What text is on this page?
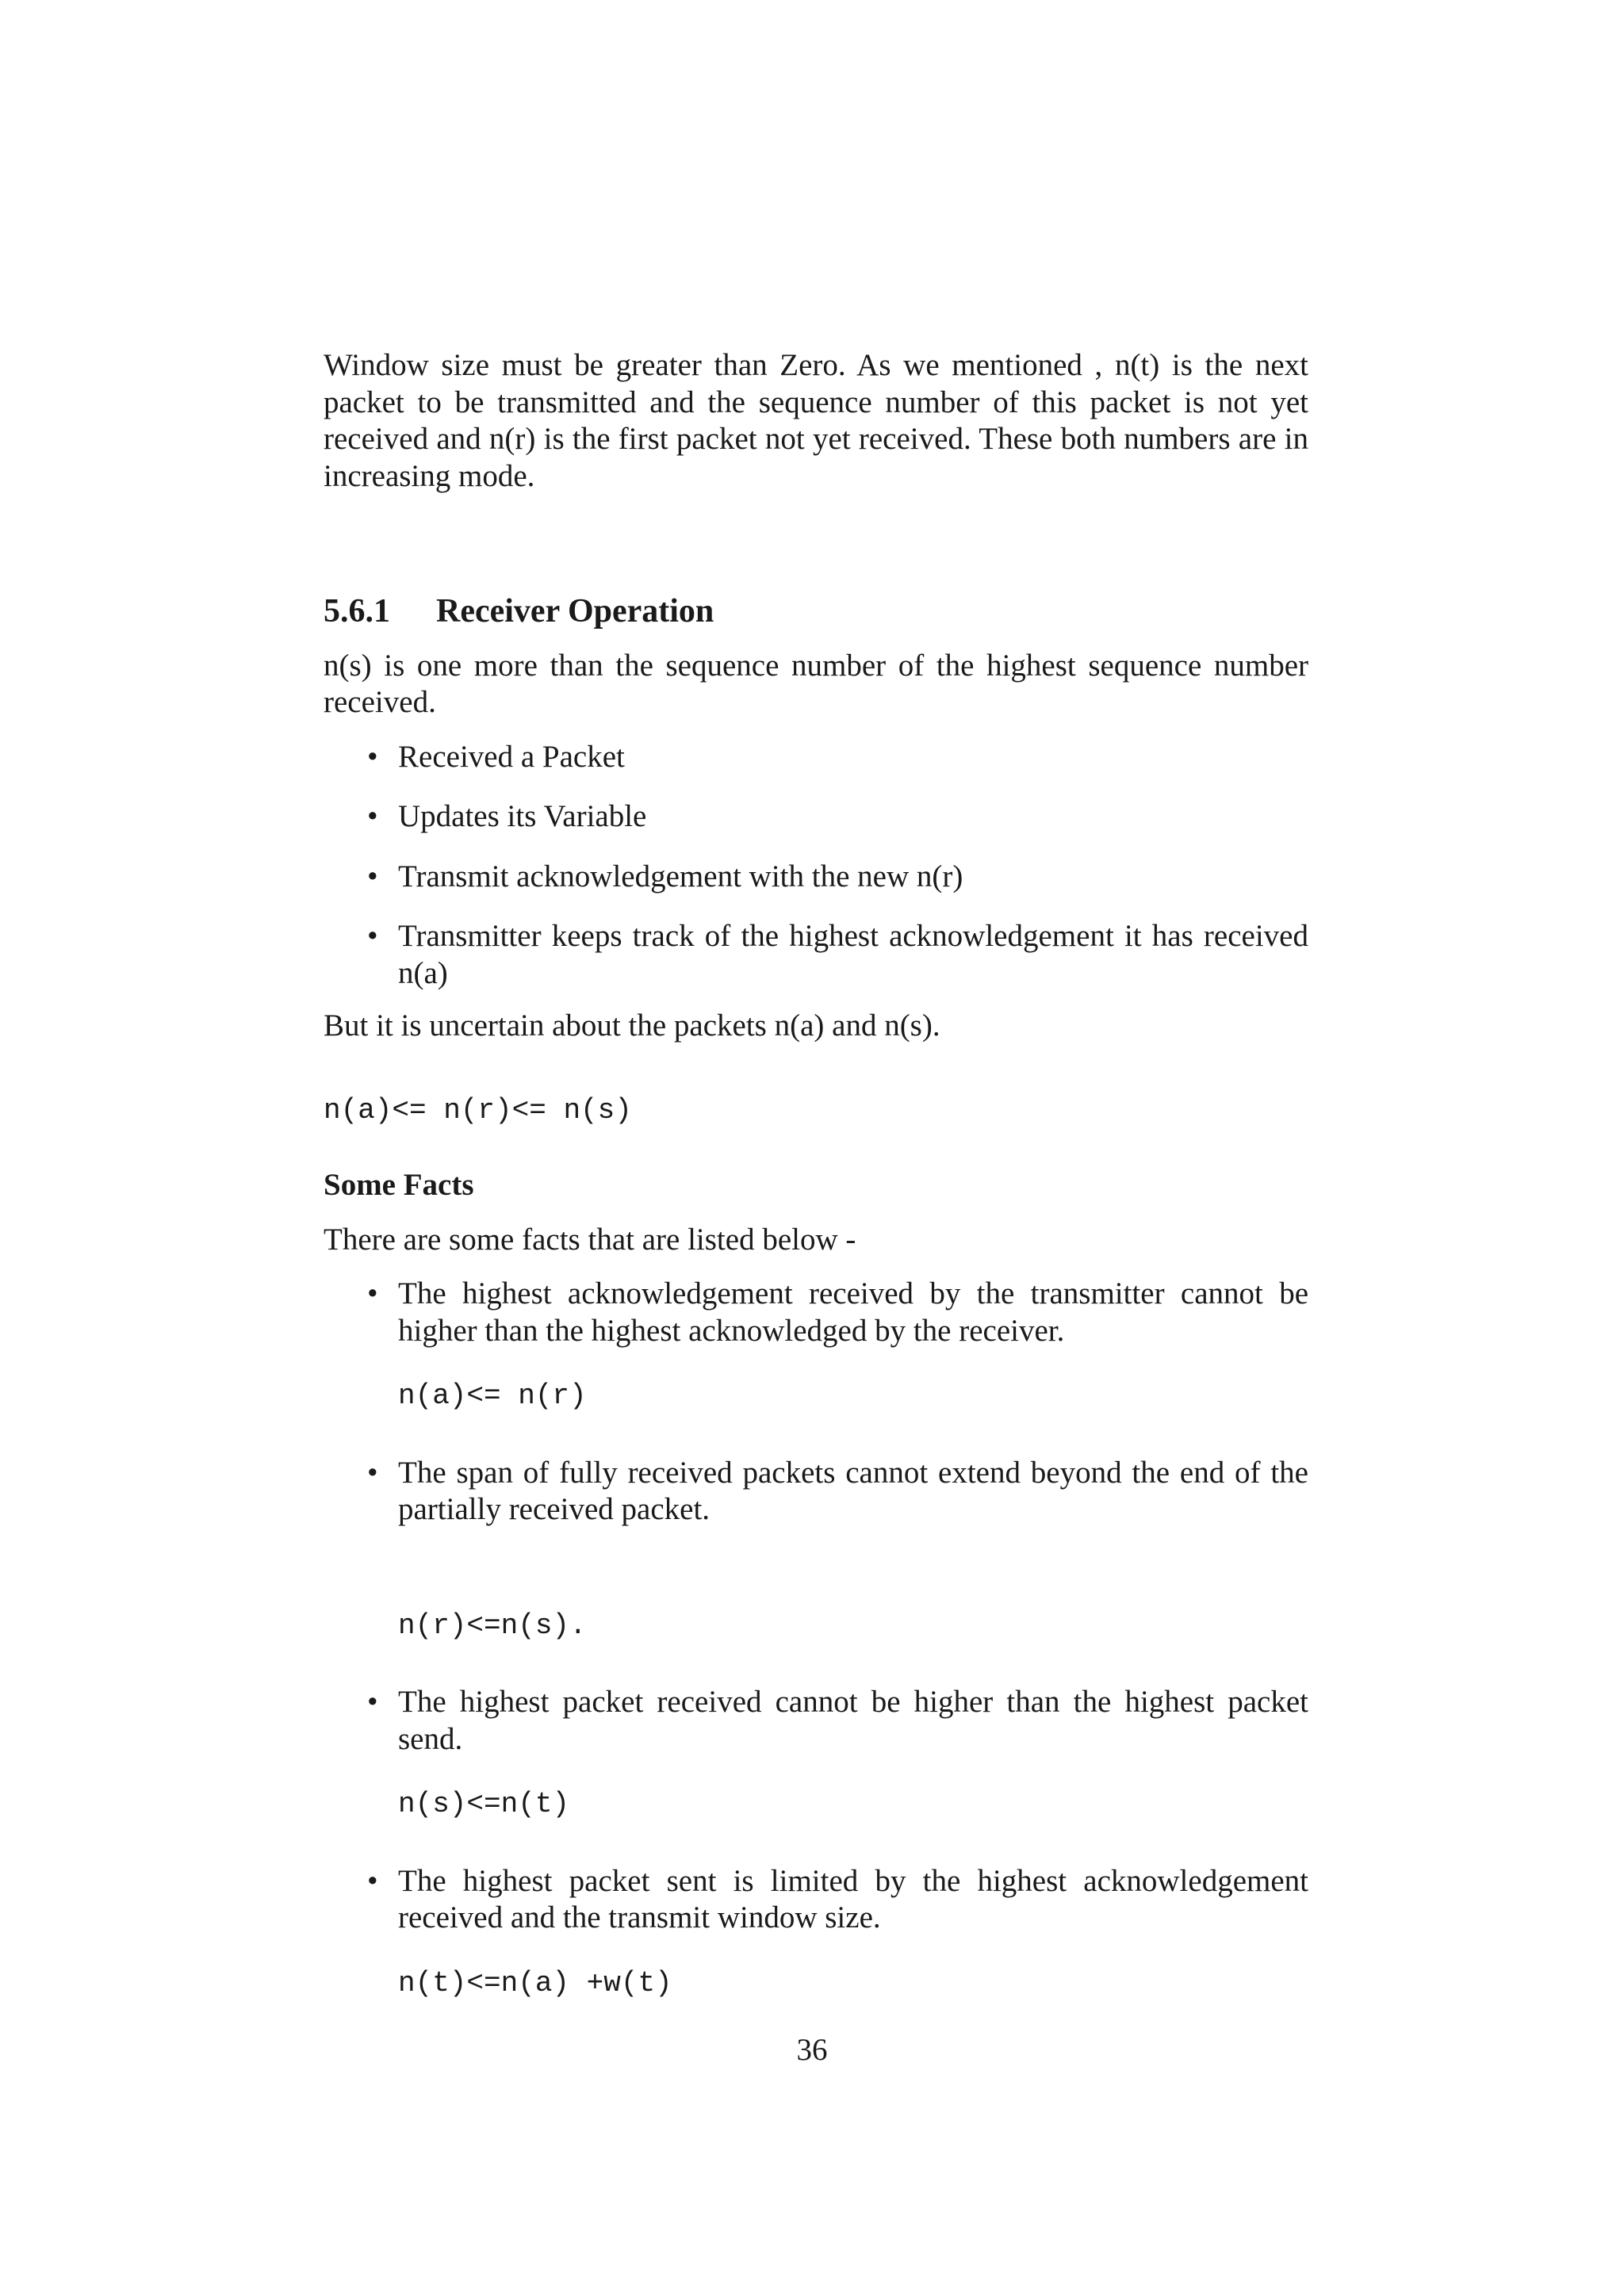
Window size must be greater than Zero. As we mentioned , n(t) is the next packet to be transmitted and the sequence number of this packet is not yet received and n(r) is the first packet not yet received. These both numbers are in increasing mode.

5.6.1	Receiver Operation

n(s) is one more than the sequence number of the highest sequence number received.

• Received a Packet
• Updates its Variable
• Transmit acknowledgement with the new n(r)
• Transmitter keeps track of the highest acknowledgement it has received n(a)

But it is uncertain about the packets n(a) and n(s).

n(a)<= n(r)<= n(s)

Some Facts

There are some facts that are listed below -

• The highest acknowledgement received by the transmitter cannot be higher than the highest acknowledged by the receiver.

n(a)<= n(r)

• The span of fully received packets cannot extend beyond the end of the partially received packet.

n(r)<=n(s).

• The highest packet received cannot be higher than the highest packet send.

n(s)<=n(t)

• The highest packet sent is limited by the highest acknowledgement received and the transmit window size.

n(t)<=n(a) +w(t)

36
